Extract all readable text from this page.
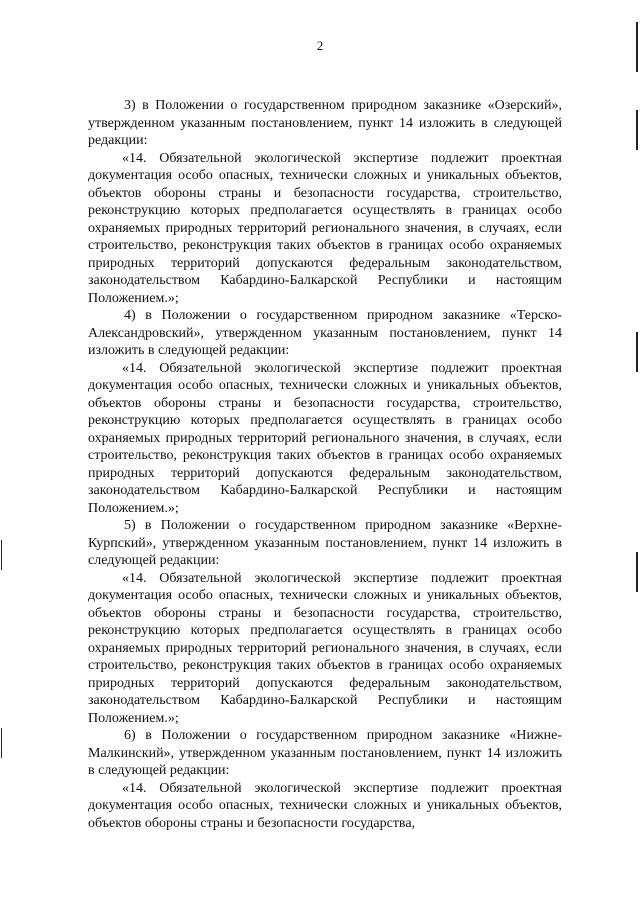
2

3) в Положении о государственном природном заказнике «Озерский», утвержденном указанным постановлением, пункт 14 изложить в следующей редакции:

«14. Обязательной экологической экспертизе подлежит проектная документация особо опасных, технически сложных и уникальных объектов, объектов обороны страны и безопасности государства, строительство, реконструкцию которых предполагается осуществлять в границах особо охраняемых природных территорий регионального значения, в случаях, если строительство, реконструкция таких объектов в границах особо охраняемых природных территорий допускаются федеральным законодательством, законодательством Кабардино-Балкарской Республики и настоящим Положением.»;

4) в Положении о государственном природном заказнике «Терско-Александровский», утвержденном указанным постановлением, пункт 14 изложить в следующей редакции:

«14. Обязательной экологической экспертизе подлежит проектная документация особо опасных, технически сложных и уникальных объектов, объектов обороны страны и безопасности государства, строительство, реконструкцию которых предполагается осуществлять в границах особо охраняемых природных территорий регионального значения, в случаях, если строительство, реконструкция таких объектов в границах особо охраняемых природных территорий допускаются федеральным законодательством, законодательством Кабардино-Балкарской Республики и настоящим Положением.»;

5) в Положении о государственном природном заказнике «Верхне-Курпский», утвержденном указанным постановлением, пункт 14 изложить в следующей редакции:

«14. Обязательной экологической экспертизе подлежит проектная документация особо опасных, технически сложных и уникальных объектов, объектов обороны страны и безопасности государства, строительство, реконструкцию которых предполагается осуществлять в границах особо охраняемых природных территорий регионального значения, в случаях, если строительство, реконструкция таких объектов в границах особо охраняемых природных территорий допускаются федеральным законодательством, законодательством Кабардино-Балкарской Республики и настоящим Положением.»;

6) в Положении о государственном природном заказнике «Нижне-Малкинский», утвержденном указанным постановлением, пункт 14 изложить в следующей редакции:

«14. Обязательной экологической экспертизе подлежит проектная документация особо опасных, технически сложных и уникальных объектов, объектов обороны страны и безопасности государства,
